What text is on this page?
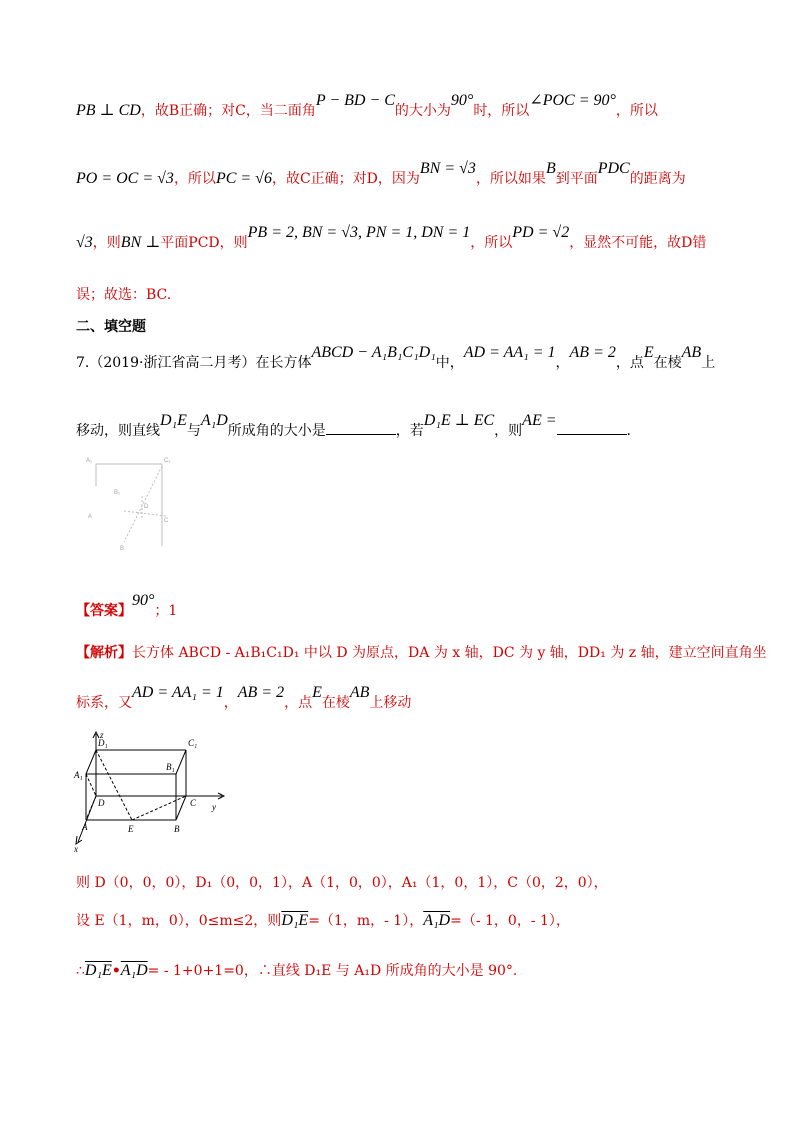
PB ⊥ CD，故B正确；对C，当二面角P − BD − C的大小为90°时，所以∠POC = 90°，所以
PO = OC = √3，所以PC = √6，故C正确；对D，因为BN = √3，所以如果B到平面PDC的距离为
√3，则BN ⊥平面PCD，则PB = 2, BN = √3, PN = 1, DN = 1，所以PD = √2，显然不可能，故D错
误；故选：BC.
二、填空题
7.（2019·浙江省高二月考）在长方体ABCD − A₁B₁C₁D₁中，AD = AA₁ = 1，AB = 2，点E在棱AB上
移动，则直线D₁E与A₁D所成角的大小是	，若D₁E ⊥ EC，则AE =.
A₁	C₁
B₁
D
A
C
B
【答案】90°；1
【解析】长方体 ABCD - A₁B₁C₁D₁ 中以 D 为原点，DA 为 x 轴，DC 为 y 轴，DD₁ 为 z 轴，建立空间直角坐
标系，又AD = AA₁ = 1，AB = 2，点E在棱AB上移动
z
D₁	C₁
A₁
B₁
D	C y
A	E	B
x
则 D（0，0，0），D₁（0，0，1），A（1，0，0），A₁（1，0，1），C（0，2，0），
设 E（1，m，0），0≤m≤2，则D₁E=（1，m，- 1），A₁D=（- 1，0，- 1），
∴D₁E•A₁D= - 1+0+1=0，∴直线 D₁E 与 A₁D 所成角的大小是 90°.
